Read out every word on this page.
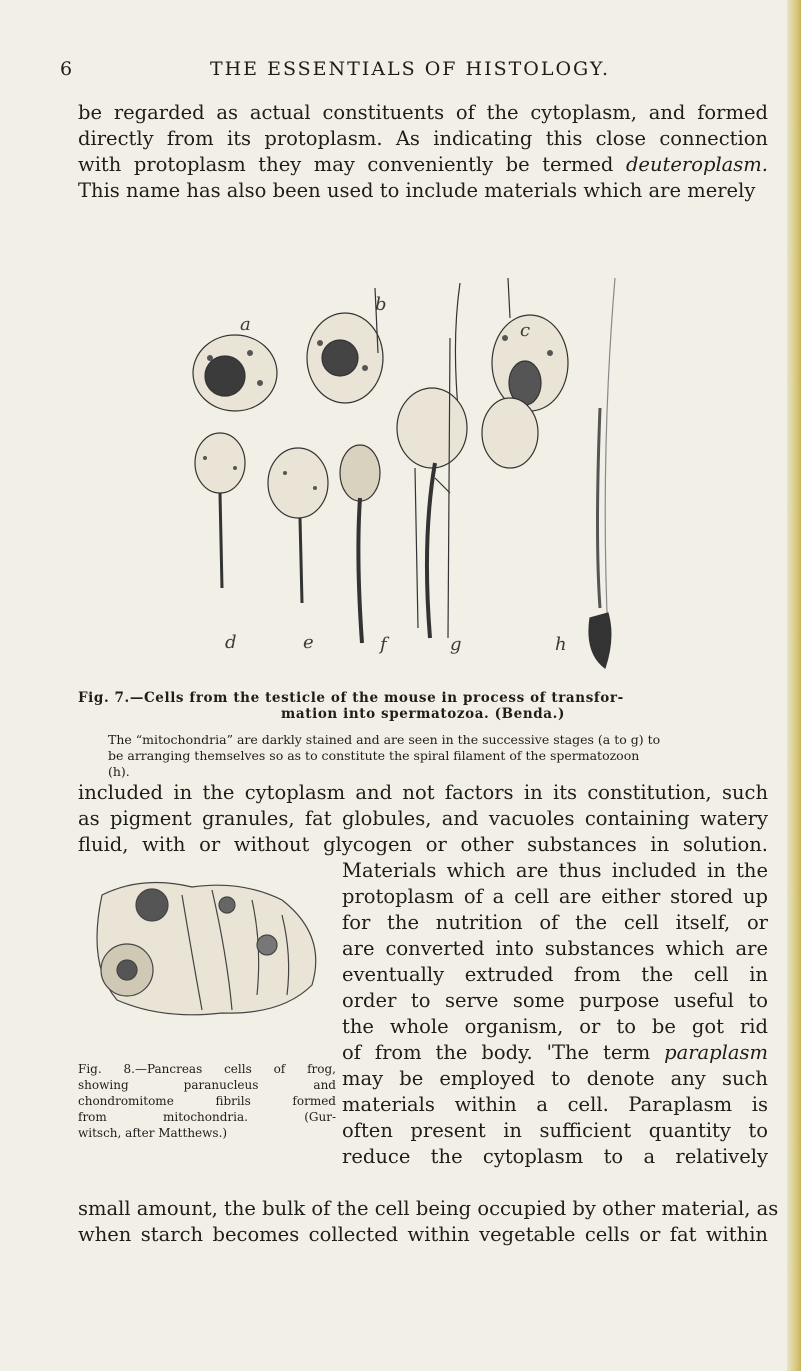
6	THE ESSENTIALS OF HISTOLOGY.
be regarded as actual constituents of the cytoplasm, and formed
directly from its protoplasm. As indicating this close connection
with protoplasm they may conveniently be termed deuteroplasm.
This name has also been used to include materials which are merely
a
b
c
d	e	f	g	h
Fig. 7.—Cells from the testicle of the mouse in process of transfor-
mation into spermatozoa. (Benda.)
The “mitochondria” are darkly stained and are seen in the successive stages (a to g) to
be arranging themselves so as to constitute the spiral filament of the spermatozoon
(h).
included in the cytoplasm and not factors in its constitution, such
as pigment granules, fat globules, and vacuoles containing watery
fluid, with or without glycogen or other substances in solution.
Fig. 8.—Pancreas cells of frog,
showing paranucleus and
chondromitome fibrils formed
from mitochondria. (Gur-
witsch, after Matthews.)
Materials which are thus included in the
protoplasm of a cell are either stored up
for the nutrition of the cell itself, or
are converted into substances which are
eventually extruded from the cell in
order to serve some purpose useful to
the whole organism, or to be got rid
of from the body. 'The term paraplasm
may be employed to denote any such
materials within a cell. Paraplasm is
often present in sufficient quantity to
reduce the cytoplasm to a relatively
small amount, the bulk of the cell being occupied by other material, as
when starch becomes collected within vegetable cells or fat within
